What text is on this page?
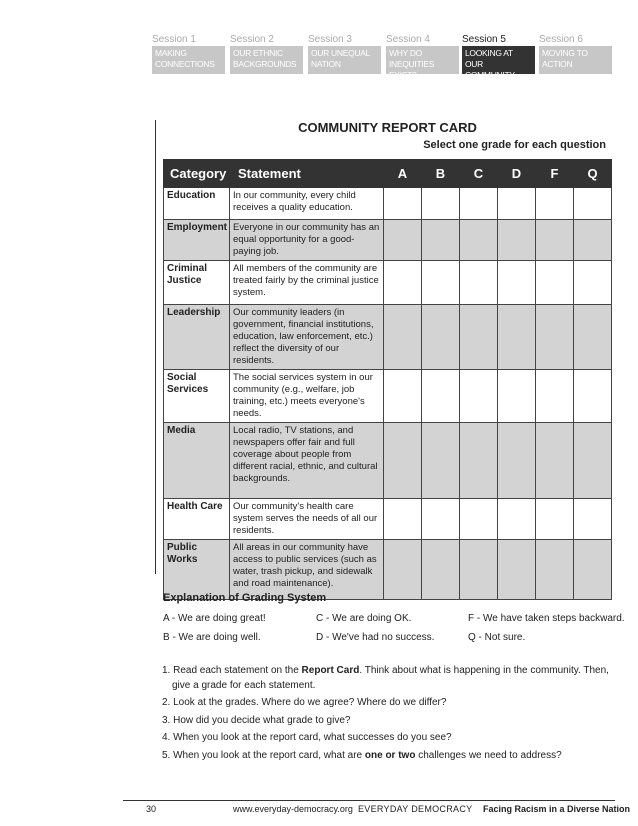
Session 1
MAKING CONNECTIONS
Session 2
OUR ETHNIC BACKGROUNDS
Session 3
OUR UNEQUAL NATION
Session 4
WHY DO INEQUITIES EXIST?
Session 5
LOOKING AT OUR COMMUNITY
Session 6
MOVING TO ACTION
COMMUNITY REPORT CARD
Select one grade for each question
Category	Statement	A	B	C	D	F	Q
Education	In our community, every child receives a quality education.						
Employment	Everyone in our community has an equal opportunity for a good-paying job.						
Criminal Justice	All members of the community are treated fairly by the criminal justice system.						
Leadership	Our community leaders (in government, financial institutions, education, law enforcement, etc.) reflect the diversity of our residents.						
Social Services	The social services system in our community (e.g., welfare, job training, etc.) meets everyone's needs.						
Media	Local radio, TV stations, and newspapers offer fair and full coverage about people from different racial, ethnic, and cultural backgrounds.						
Health Care	Our community's health care system serves the needs of all our residents.						
Public Works	All areas in our community have access to public services (such as water, trash pickup, and sidewalk and road maintenance).						
Explanation of Grading System
A - We are doing great!	C - We are doing OK.	F - We have taken steps backward.
B - We are doing well.	D - We've had no success.	Q - Not sure.
1. Read each statement on the Report Card. Think about what is happening in the community. Then,
give a grade for each statement.
2. Look at the grades. Where do we agree? Where do we differ?
3. How did you decide what grade to give?
4. When you look at the report card, what successes do you see?
5. When you look at the report card, what are one or two challenges we need to address?
30	www.everyday-democracy.org EVERYDAY DEMOCRACY Facing Racism in a Diverse Nation
